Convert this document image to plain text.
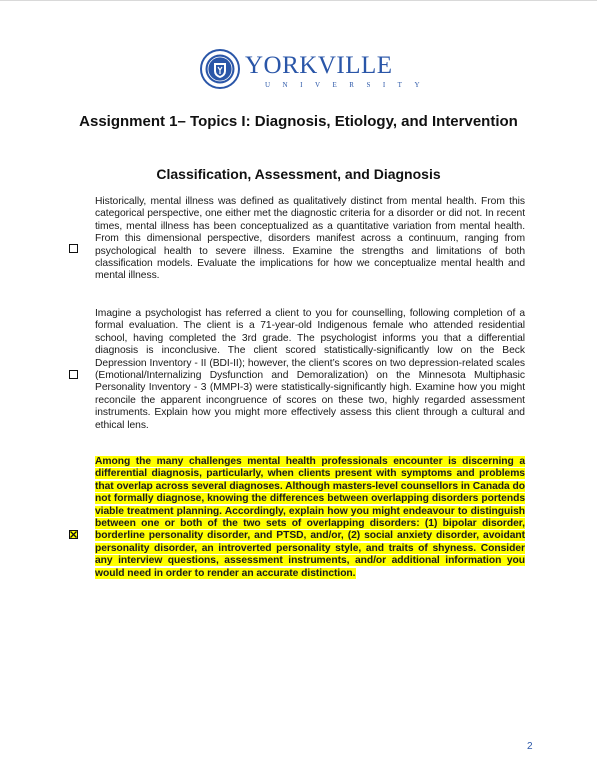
YORKVILLE
UNIVERSITY
Assignment 1– Topics I: Diagnosis, Etiology, and Intervention
Classification, Assessment, and Diagnosis
Historically, mental illness was defined as qualitatively distinct from mental health. From this categorical perspective, one either met the diagnostic criteria for a disorder or did not. In recent times, mental illness has been conceptualized as a quantitative variation from mental health. From this dimensional perspective, disorders manifest across a continuum, ranging from psychological health to severe illness. Examine the strengths and limitations of both classification models. Evaluate the implications for how we conceptualize mental health and mental illness.
Imagine a psychologist has referred a client to you for counselling, following completion of a formal evaluation. The client is a 71-year-old Indigenous female who attended residential school, having completed the 3rd grade. The psychologist informs you that a differential diagnosis is inconclusive. The client scored statistically-significantly low on the Beck Depression Inventory - II (BDI-II); however, the client’s scores on two depression-related scales (Emotional/Internalizing Dysfunction and Demoralization) on the Minnesota Multiphasic Personality Inventory - 3 (MMPI-3) were statistically-significantly high. Examine how you might reconcile the apparent incongruence of scores on these two, highly regarded assessment instruments. Explain how you might more effectively assess this client through a cultural and ethical lens.
Among the many challenges mental health professionals encounter is discerning a differential diagnosis, particularly, when clients present with symptoms and problems that overlap across several diagnoses. Although masters-level counsellors in Canada do not formally diagnose, knowing the differences between overlapping disorders portends viable treatment planning. Accordingly, explain how you might endeavour to distinguish between one or both of the two sets of overlapping disorders: (1) bipolar disorder, borderline personality disorder, and PTSD, and/or, (2) social anxiety disorder, avoidant personality disorder, an introverted personality style, and traits of shyness. Consider any interview questions, assessment instruments, and/or additional information you would need in order to render an accurate distinction.
2
